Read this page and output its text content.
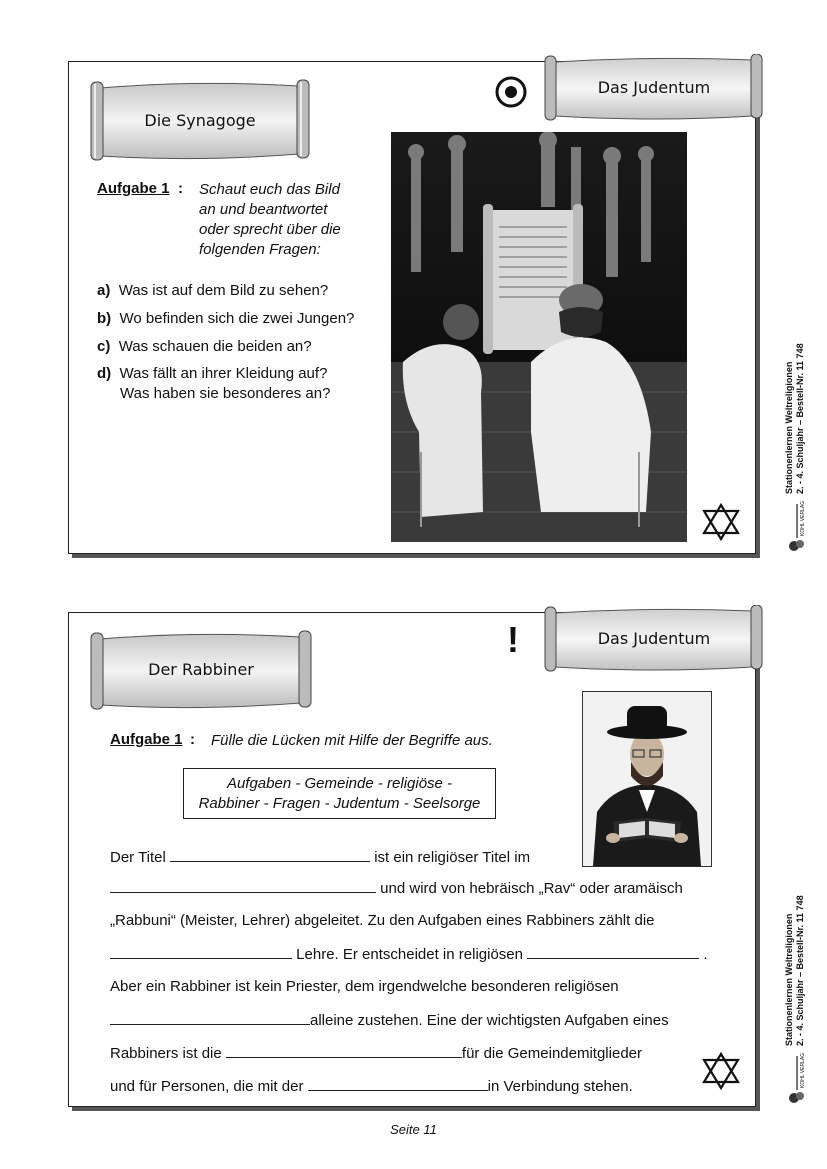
Die Synagoge
Das Judentum
Aufgabe 1 : Schaut euch das Bild
an und beantwortet
oder sprecht über die
folgenden Fragen:
a) Was ist auf dem Bild zu sehen?
b) Wo befinden sich die zwei Jungen?
c) Was schauen die beiden an?
d) Was fällt an ihrer Kleidung auf?
Was haben sie besonderes an?
Der Rabbiner
!	Das Judentum
Aufgabe 1 : Fülle die Lücken mit Hilfe der Begriffe aus.
Aufgaben - Gemeinde - religiöse -
Rabbiner - Fragen - Judentum - Seelsorge
Der Titel	ist ein religiöser Titel im
und wird von hebräisch „Rav“ oder aramäisch
„Rabbuni“ (Meister, Lehrer) abgeleitet. Zu den Aufgaben eines Rabbiners zählt die
Lehre. Er entscheidet in religiösen	.
Aber ein Rabbiner ist kein Priester, dem irgendwelche besonderen religiösen
alleine zustehen. Eine der wichtigsten Aufgaben eines
Rabbiners ist die	für die Gemeindemitglieder
und für Personen, die mit der	in Verbindung stehen.
Stationenlernen Weltreligionen 2. - 4. Schuljahr – Bestell-Nr. 11 748
KOHL VERLAG
Stationenlernen Weltreligionen 2. - 4. Schuljahr – Bestell-Nr. 11 748
KOHL VERLAG
Seite 11
